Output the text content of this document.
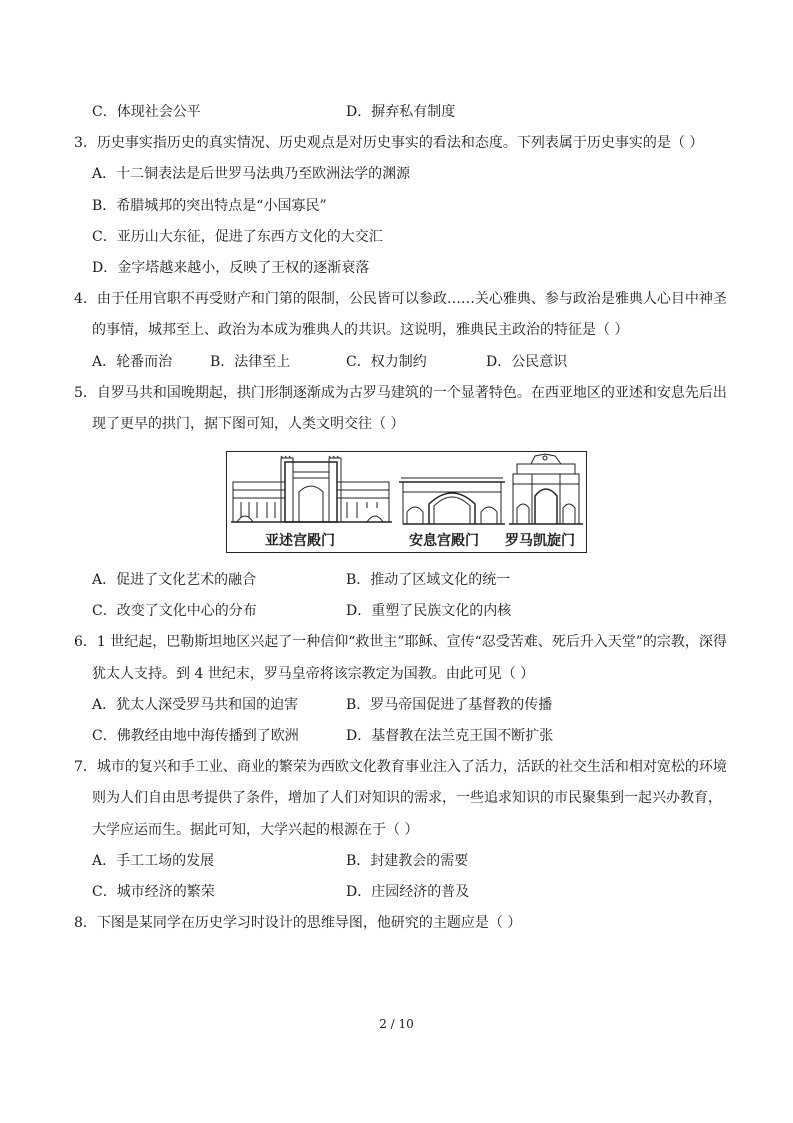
C．体现社会公平	D．摒弃私有制度
3．历史事实指历史的真实情况、历史观点是对历史事实的看法和态度。下列表属于历史事实的是（ ）
A．十二铜表法是后世罗马法典乃至欧洲法学的渊源
B．希腊城邦的突出特点是“小国寡民”
C．亚历山大东征，促进了东西方文化的大交汇
D．金字塔越来越小，反映了王权的逐渐衰落
4．由于任用官职不再受财产和门第的限制，公民皆可以参政……关心雅典、参与政治是雅典人心目中神圣
的事情，城邦至上、政治为本成为雅典人的共识。这说明，雅典民主政治的特征是（ ）
A．轮番而治	B．法律至上	C．权力制约	D．公民意识
5．自罗马共和国晚期起，拱门形制逐渐成为古罗马建筑的一个显著特色。在西亚地区的亚述和安息先后出
现了更早的拱门，据下图可知，人类文明交往（ ）
亚述宫殿门	安息宫殿门 罗马凯旋门
A．促进了文化艺术的融合	B．推动了区域文化的统一
C．改变了文化中心的分布	D．重塑了民族文化的内核
6．1 世纪起，巴勒斯坦地区兴起了一种信仰“救世主”耶稣、宣传“忍受苦难、死后升入天堂”的宗教，深得
犹太人支持。到 4 世纪末，罗马皇帝将该宗教定为国教。由此可见（ ）
A．犹太人深受罗马共和国的迫害	B．罗马帝国促进了基督教的传播
C．佛教经由地中海传播到了欧洲	D．基督教在法兰克王国不断扩张
7．城市的复兴和手工业、商业的繁荣为西欧文化教育事业注入了活力，活跃的社交生活和相对宽松的环境
则为人们自由思考提供了条件，增加了人们对知识的需求，一些追求知识的市民聚集到一起兴办教育，
大学应运而生。据此可知，大学兴起的根源在于（ ）
A．手工工场的发展	B．封建教会的需要
C．城市经济的繁荣	D．庄园经济的普及
8．下图是某同学在历史学习时设计的思维导图，他研究的主题应是（ ）
2 / 10
